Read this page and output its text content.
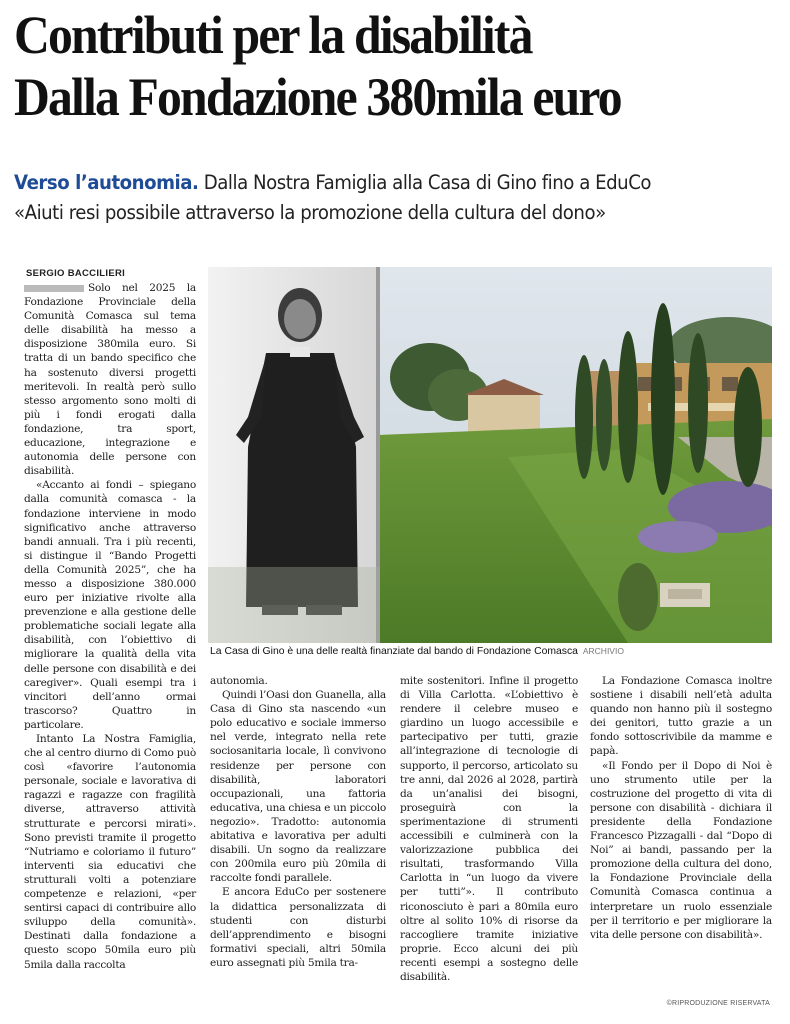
Contributi per la disabilità
Dalla Fondazione 380mila euro
Verso l’autonomia. Dalla Nostra Famiglia alla Casa di Gino fino a EduCo
«Aiuti resi possibile attraverso la promozione della cultura del dono»
SERGIO BACCILIERI

Solo nel 2025 la Fondazione Provinciale della Comunità Comasca sul tema delle disabilità ha messo a disposizione 380mila euro. Si tratta di un bando specifico che ha sostenuto diversi progetti meritevoli. In realtà però sullo stesso argomento sono molti di più i fondi erogati dalla fondazione, tra sport, educazione, integrazione e autonomia delle persone con disabilità.

«Accanto ai fondi – spiegano dalla comunità comasca - la fondazione interviene in modo significativo anche attraverso bandi annuali. Tra i più recenti, si distingue il “Bando Progetti della Comunità 2025”, che ha messo a disposizione 380.000 euro per iniziative rivolte alla prevenzione e alla gestione delle problematiche sociali legate alla disabilità, con l’obiettivo di migliorare la qualità della vita delle persone con disabilità e dei caregiver». Quali esempi tra i vincitori dell’anno ormai trascorso? Quattro in particolare.

Intanto La Nostra Famiglia, che al centro diurno di Como può così «favorire l’autonomia personale, sociale e lavorativa di ragazzi e ragazze con fragilità diverse, attraverso attività strutturate e percorsi mirati». Sono previsti tramite il progetto “Nutriamo e coloriamo il futuro” interventi sia educativi che strutturali volti a potenziare competenze e relazioni, «per sentirsi capaci di contribuire allo sviluppo della comunità». Destinati dalla fondazione a questo scopo 50mila euro più 5mila dalla raccolta

La Casa di Gino è una delle realtà finanziate dal bando di Fondazione Comasca ARCHIVIO

autonomia.

Quindi l’Oasi don Guanella, alla Casa di Gino sta nascendo «un polo educativo e sociale immerso nel verde, integrato nella rete sociosanitaria locale, lì convivono residenze per persone con disabilità, laboratori occupazionali, una fattoria educativa, una chiesa e un piccolo negozio». Tradotto: autonomia abitativa e lavorativa per adulti disabili. Un sogno da realizzare con 200mila euro più 20mila di raccolte fondi parallele.

E ancora EduCo per sostenere la didattica personalizzata di studenti con disturbi dell’apprendimento e bisogni formativi speciali, altri 50mila euro assegnati più 5mila tra-

mite sostenitori. Infine il progetto di Villa Carlotta. «L’obiettivo è rendere il celebre museo e giardino un luogo accessibile e partecipativo per tutti, grazie all’integrazione di tecnologie di supporto, il percorso, articolato su tre anni, dal 2026 al 2028, partirà da un’analisi dei bisogni, proseguirà con la sperimentazione di strumenti accessibili e culminerà con la valorizzazione pubblica dei risultati, trasformando Villa Carlotta in “un luogo da vivere per tutti”». Il contributo riconosciuto è pari a 80mila euro oltre al solito 10% di risorse da raccogliere tramite iniziative proprie. Ecco alcuni dei più recenti esempi a sostegno delle disabilità.

La Fondazione Comasca inoltre sostiene i disabili nell’età adulta quando non hanno più il sostegno dei genitori, tutto grazie a un fondo sottoscrivibile da mamme e papà.

«Il Fondo per il Dopo di Noi è uno strumento utile per la costruzione del progetto di vita di persone con disabilità - dichiara il presidente della Fondazione Francesco Pizzagalli - dal “Dopo di Noi” ai bandi, passando per la promozione della cultura del dono, la Fondazione Provinciale della Comunità Comasca continua a interpretare un ruolo essenziale per il territorio e per migliorare la vita delle persone con disabilità».

©RIPRODUZIONE RISERVATA
